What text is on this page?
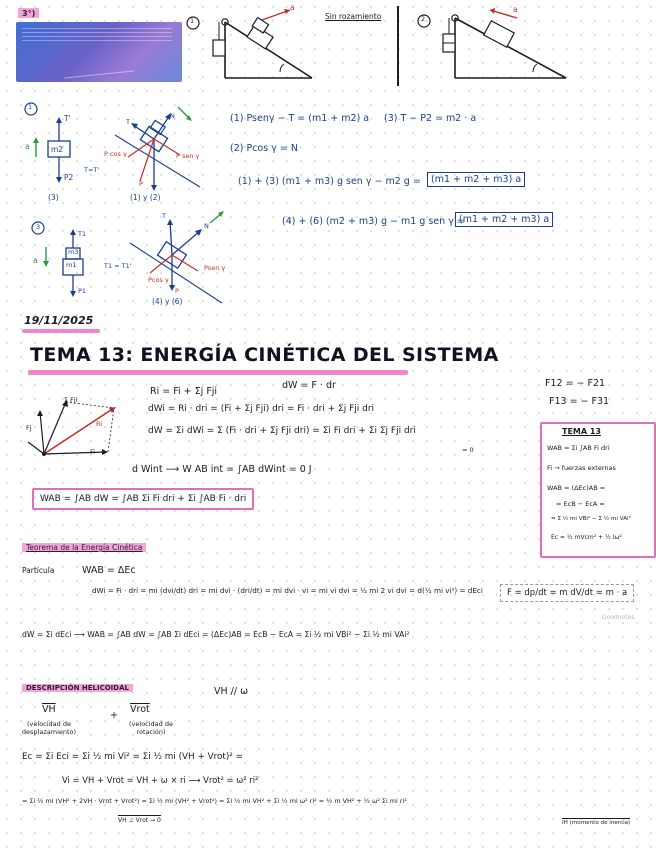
3°)
1	2
Sin rozamiento
a	a
1
T'
m2
P2
a
(3)
T=T'
P cos γ	P sen γ
P
T
N
(1) y (2)
3
T1
m3
m1
P1
a
T1 = T1'
N
T
Pcos γ
Psen γ
P
(4) y (6)
(1) Psenγ − T = (m1 + m2) a (3) T − P2 = m2 · a
(2) Pcos γ = N
(1) + (3) (m1 + m3) g sen γ − m2 g =	(m1 + m2 + m3) a
(4) + (6) (m2 + m3) g − m1 g sen γ =
(m1 + m2 + m3) a
19/11/2025
TEMA 13: ENERGÍA CINÉTICA DEL SISTEMA
Fi
Ri
Σ Fji
Fj
Ri = Fi + Σj Fji
dW = F · dr
dWi = Ri · dri = (Fi + Σj Fji) dri = Fi · dri + Σj Fji dri
dW = Σi dWi = Σ (Fi · dri + Σj Fji dri) = Σi Fi dri + Σi Σj Fji dri
= 0
d Wint ⟶ W AB int = ∫AB dWint = 0 J
WAB = ∫AB dW = ∫AB Σi Fi dri + Σi ∫AB Fi · dri
F12 = − F21
F13 = − F31
TEMA 13
WAB = Σi ∫AB Fi dri
Fi → fuerzas externas
WAB = (ΔEc)AB =
= EcB − EcA =
= Σ ½ mi VBi² − Σ ½ mi VAi²
Ec = ½ mVcm² + ½ Iω²
Teorema de la Energía Cinética
Partícula	WAB = ΔEc
dWi = Fi · dri = mi (dvi/dt) dri = mi dvi · (dri/dt) = mi dvi · vi = mi vi dvi = ½ mi 2 vi dvi = d(½ mi vi²) = dEci	F = dp/dt = m dV/dt = m · a
Goodnotes
dW = Σi dEci ⟶ WAB = ∫AB dW = ∫AB Σi dEci = (ΔEc)AB = EcB − EcA = Σi ½ mi VBi² − Σi ½ mi VAi²
DESCRIPCIÓN HELICOIDAL	VH // ω
$\overline{VH}$
+
Vrot
(velocidad de desplazamiento)
(velocidad de rotación)
Ec = Σi Eci = Σi ½ mi Vi² = Σi ½ mi (VH + Vrot)² =
Vi = VH + Vrot = VH + ω × ri ⟶ Vrot² = ω² ri²
= Σi ½ mi (VH² + 2VH · Vrot + Vrot²) = Σi ½ mi (VH² + Vrot²) = Σi ½ mi VH² + Σi ½ mi ω² ri² = ½ m VH² + ½ ω² Σi mi ri²
VH ⊥ Vrot → 0	IH (momento de inercia)
